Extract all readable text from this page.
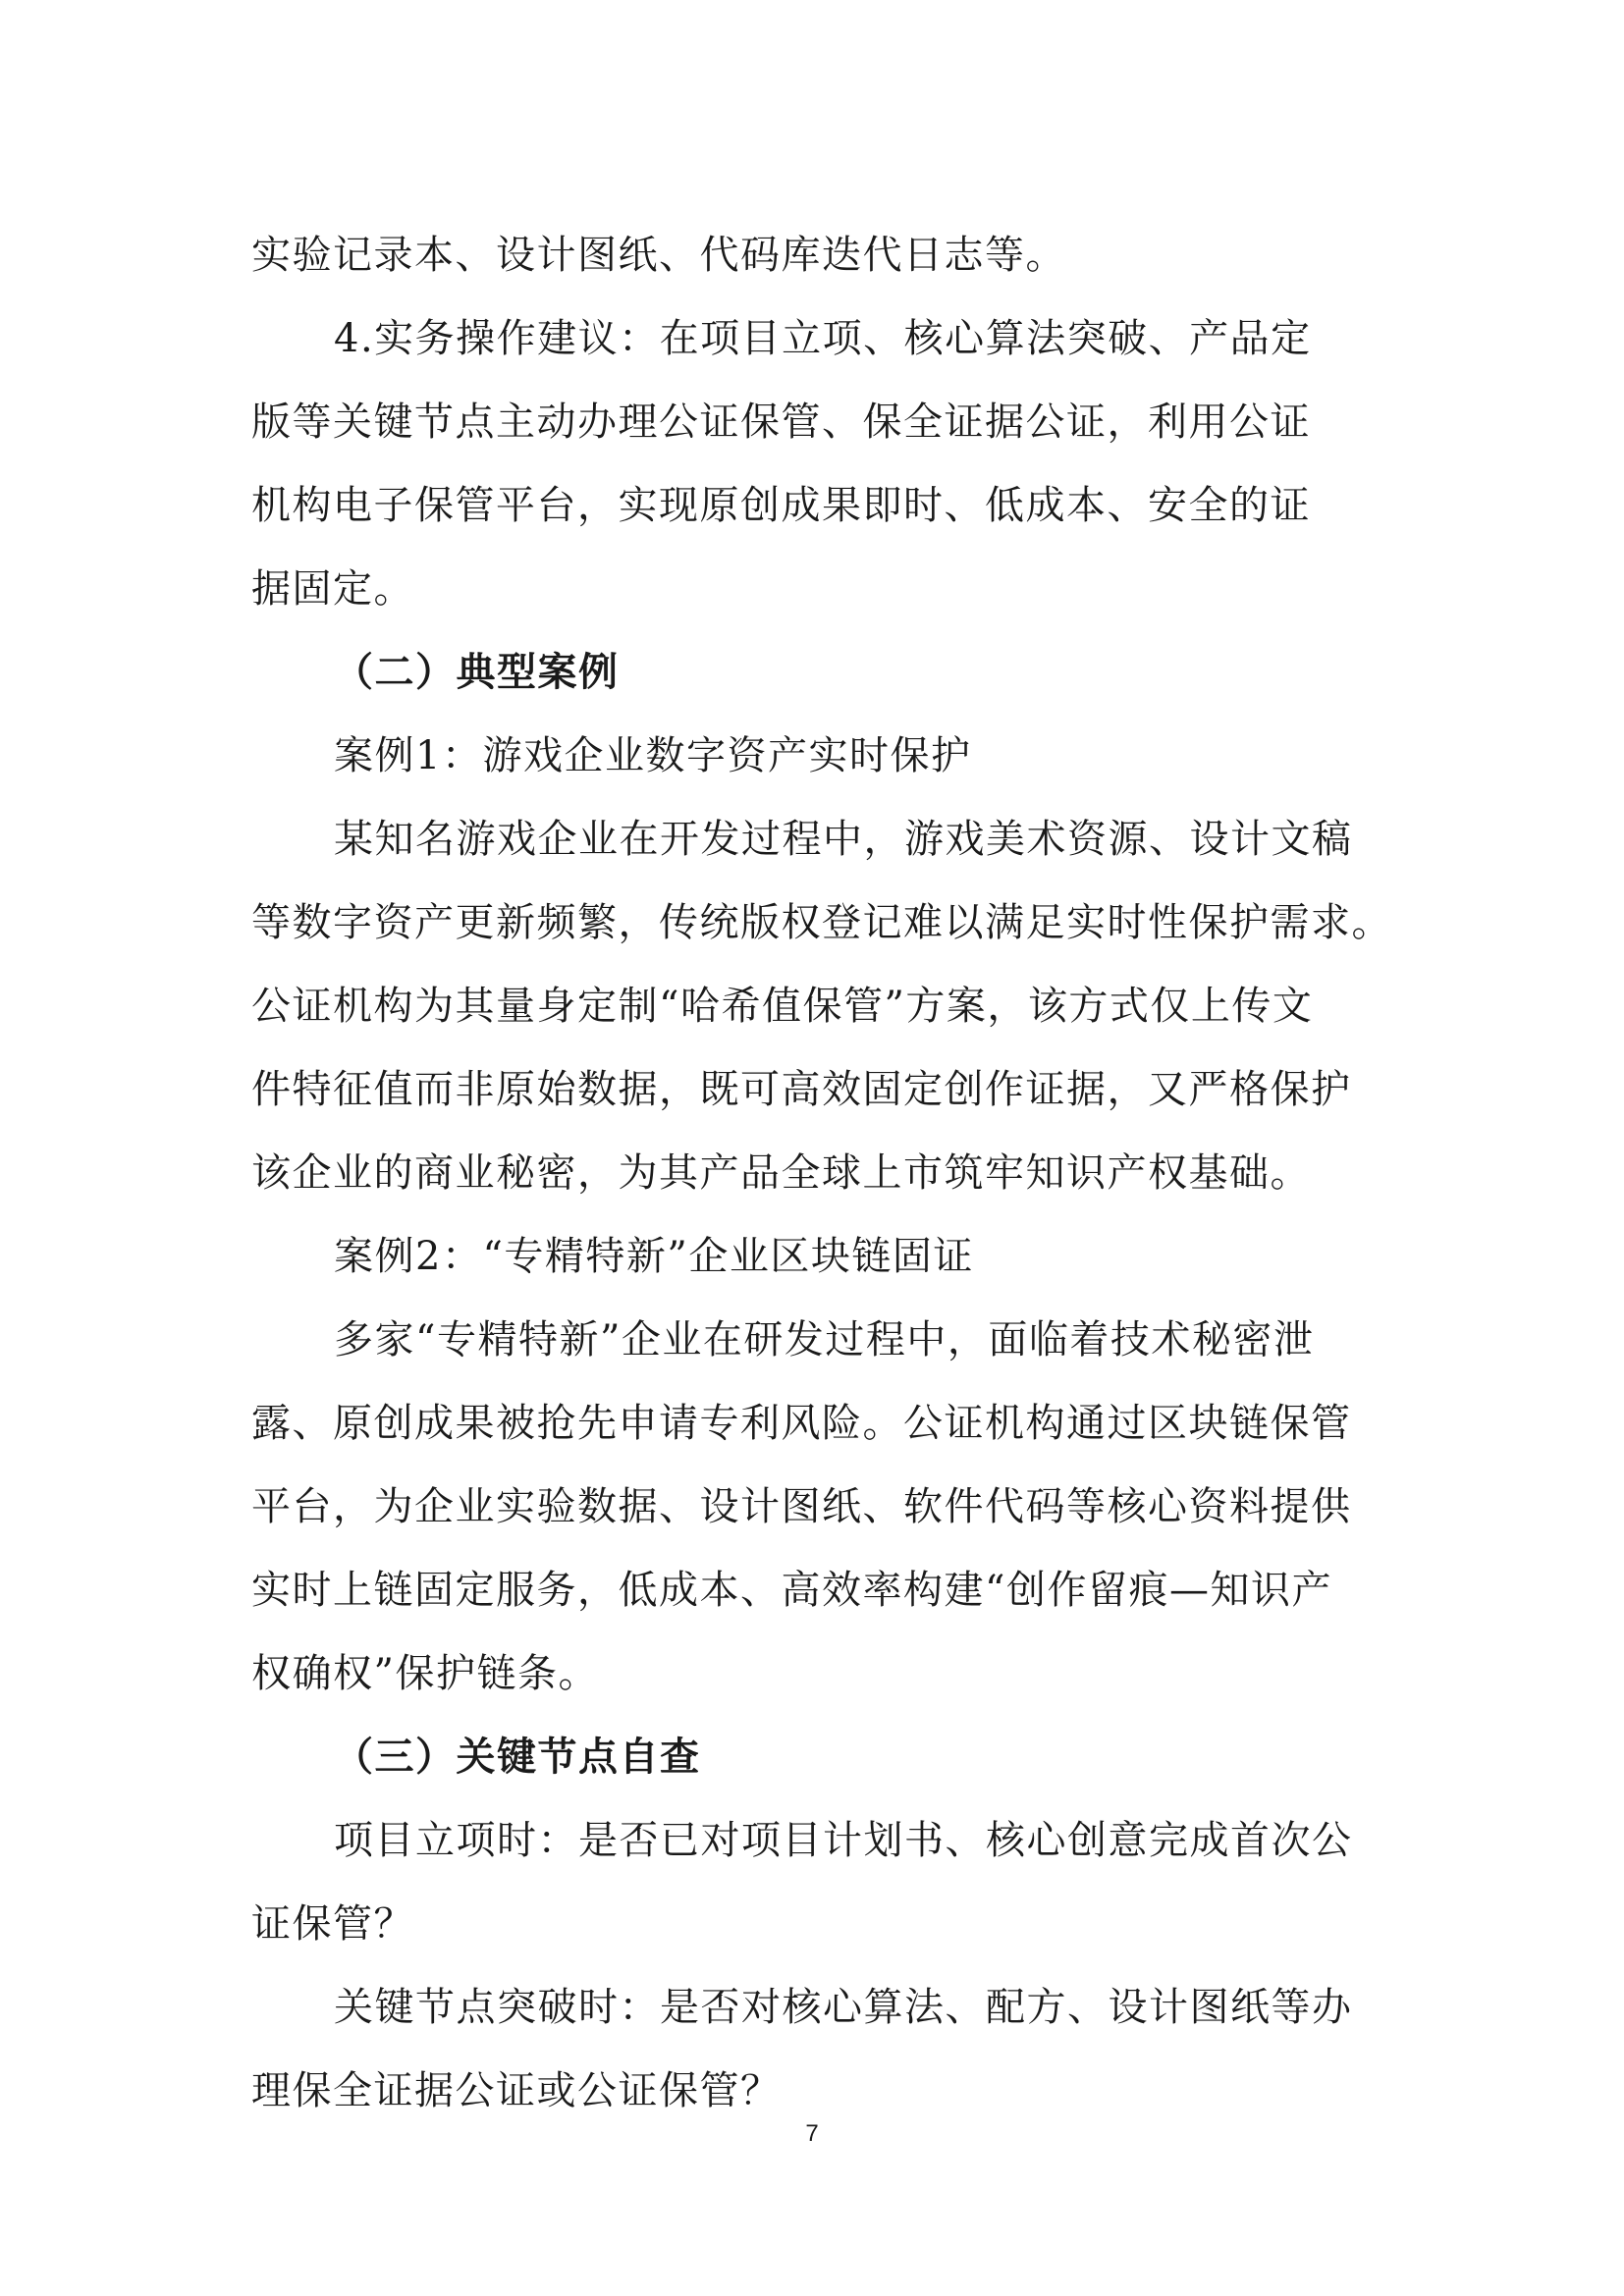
实验记录本、设计图纸、代码库迭代日志等。
4.实务操作建议：在项目立项、核心算法突破、产品定
版等关键节点主动办理公证保管、保全证据公证，利用公证
机构电子保管平台，实现原创成果即时、低成本、安全的证
据固定。
（二）典型案例
案例1：游戏企业数字资产实时保护
某知名游戏企业在开发过程中，游戏美术资源、设计文稿
等数字资产更新频繁，传统版权登记难以满足实时性保护需求。
公证机构为其量身定制“哈希值保管”方案，该方式仅上传文
件特征值而非原始数据，既可高效固定创作证据，又严格保护
该企业的商业秘密，为其产品全球上市筑牢知识产权基础。
案例2：“专精特新”企业区块链固证
多家“专精特新”企业在研发过程中，面临着技术秘密泄
露、原创成果被抢先申请专利风险。公证机构通过区块链保管
平台，为企业实验数据、设计图纸、软件代码等核心资料提供
实时上链固定服务，低成本、高效率构建“创作留痕—知识产
权确权”保护链条。
（三）关键节点自查
项目立项时：是否已对项目计划书、核心创意完成首次公
证保管？
关键节点突破时：是否对核心算法、配方、设计图纸等办
理保全证据公证或公证保管？
7
